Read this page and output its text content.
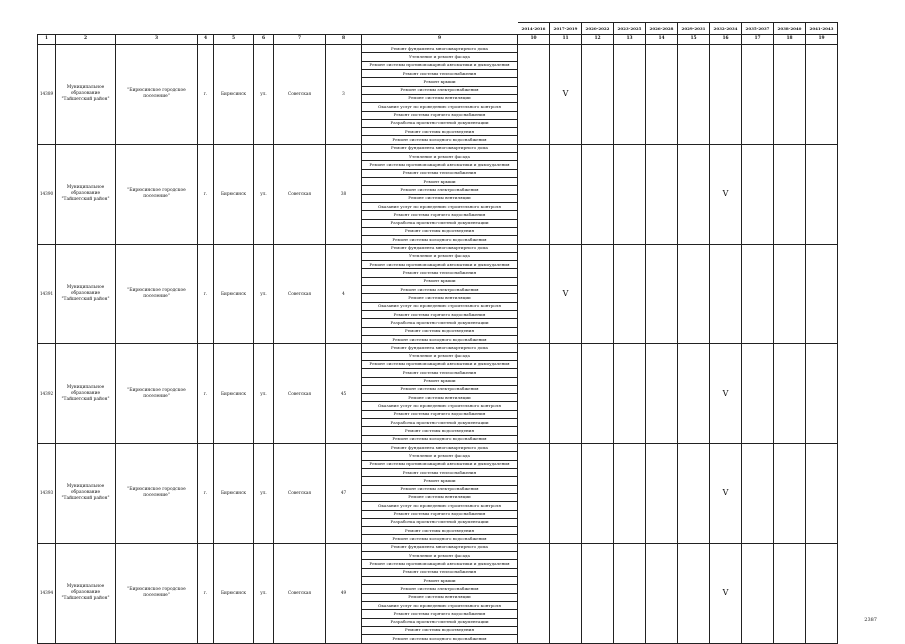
									2014-2016	2017-2019	2020-2022	2023-2025	2026-2028	2029-2031	2032-2034	2035-2037	2038-2040	2041-2043
1	2	3	4	5	6	7	8	9	10	11	12	13	14	15	16	17	18	19
14389	Муниципальное образование "Тайшетский район"	"Бирюсинское городское поселение"	г.	Бирюсинск	ул.	Советская	3	Ремонт фундамента многоквартирного дома		V								
								Утепление и ремонт фасада										
								Ремонт системы противопожарной автоматики и дымоудаления										
								Ремонт системы теплоснабжения										
								Ремонт крыши										
								Ремонт системы электроснабжения										
								Ремонт системы вентиляции										
								Оказание услуг по проведению строительного контроля										
								Ремонт системы горячего водоснабжения										
								Разработка проектно-сметной документации										
								Ремонт системы водоотведения										
								Ремонт системы холодного водоснабжения										
14390	Муниципальное образование "Тайшетский район"	"Бирюсинское городское поселение"	г.	Бирюсинск	ул.	Советская	38	Ремонт фундамента многоквартирного дома							V			
								Утепление и ремонт фасада										
								Ремонт системы противопожарной автоматики и дымоудаления										
								Ремонт системы теплоснабжения										
								Ремонт крыши										
								Ремонт системы электроснабжения										
								Ремонт системы вентиляции										
								Оказание услуг по проведению строительного контроля										
								Ремонт системы горячего водоснабжения										
								Разработка проектно-сметной документации										
								Ремонт системы водоотведения										
								Ремонт системы холодного водоснабжения										
14391	Муниципальное образование "Тайшетский район"	"Бирюсинское городское поселение"	г.	Бирюсинск	ул.	Советская	4	Ремонт фундамента многоквартирного дома		V								
								Утепление и ремонт фасада										
								Ремонт системы противопожарной автоматики и дымоудаления										
								Ремонт системы теплоснабжения										
								Ремонт крыши										
								Ремонт системы электроснабжения										
								Ремонт системы вентиляции										
								Оказание услуг по проведению строительного контроля										
								Ремонт системы горячего водоснабжения										
								Разработка проектно-сметной документации										
								Ремонт системы водоотведения										
								Ремонт системы холодного водоснабжения										
14392	Муниципальное образование "Тайшетский район"	"Бирюсинское городское поселение"	г.	Бирюсинск	ул.	Советская	45	Ремонт фундамента многоквартирного дома							V			
								Утепление и ремонт фасада										
								Ремонт системы противопожарной автоматики и дымоудаления										
								Ремонт системы теплоснабжения										
								Ремонт крыши										
								Ремонт системы электроснабжения										
								Ремонт системы вентиляции										
								Оказание услуг по проведению строительного контроля										
								Ремонт системы горячего водоснабжения										
								Разработка проектно-сметной документации										
								Ремонт системы водоотведения										
								Ремонт системы холодного водоснабжения										
14393	Муниципальное образование "Тайшетский район"	"Бирюсинское городское поселение"	г.	Бирюсинск	ул.	Советская	47	Ремонт фундамента многоквартирного дома							V			
								Утепление и ремонт фасада										
								Ремонт системы противопожарной автоматики и дымоудаления										
								Ремонт системы теплоснабжения										
								Ремонт крыши										
								Ремонт системы электроснабжения										
								Ремонт системы вентиляции										
								Оказание услуг по проведению строительного контроля										
								Ремонт системы горячего водоснабжения										
								Разработка проектно-сметной документации										
								Ремонт системы водоотведения										
								Ремонт системы холодного водоснабжения										
14394	Муниципальное образование "Тайшетский район"	"Бирюсинское городское поселение"	г.	Бирюсинск	ул.	Советская	49	Ремонт фундамента многоквартирного дома							V			
								Утепление и ремонт фасада										
								Ремонт системы противопожарной автоматики и дымоудаления										
								Ремонт системы теплоснабжения										
								Ремонт крыши										
								Ремонт системы электроснабжения										
								Ремонт системы вентиляции										
								Оказание услуг по проведению строительного контроля										
								Ремонт системы горячего водоснабжения										
								Разработка проектно-сметной документации										
								Ремонт системы водоотведения										
								Ремонт системы холодного водоснабжения										
2387
